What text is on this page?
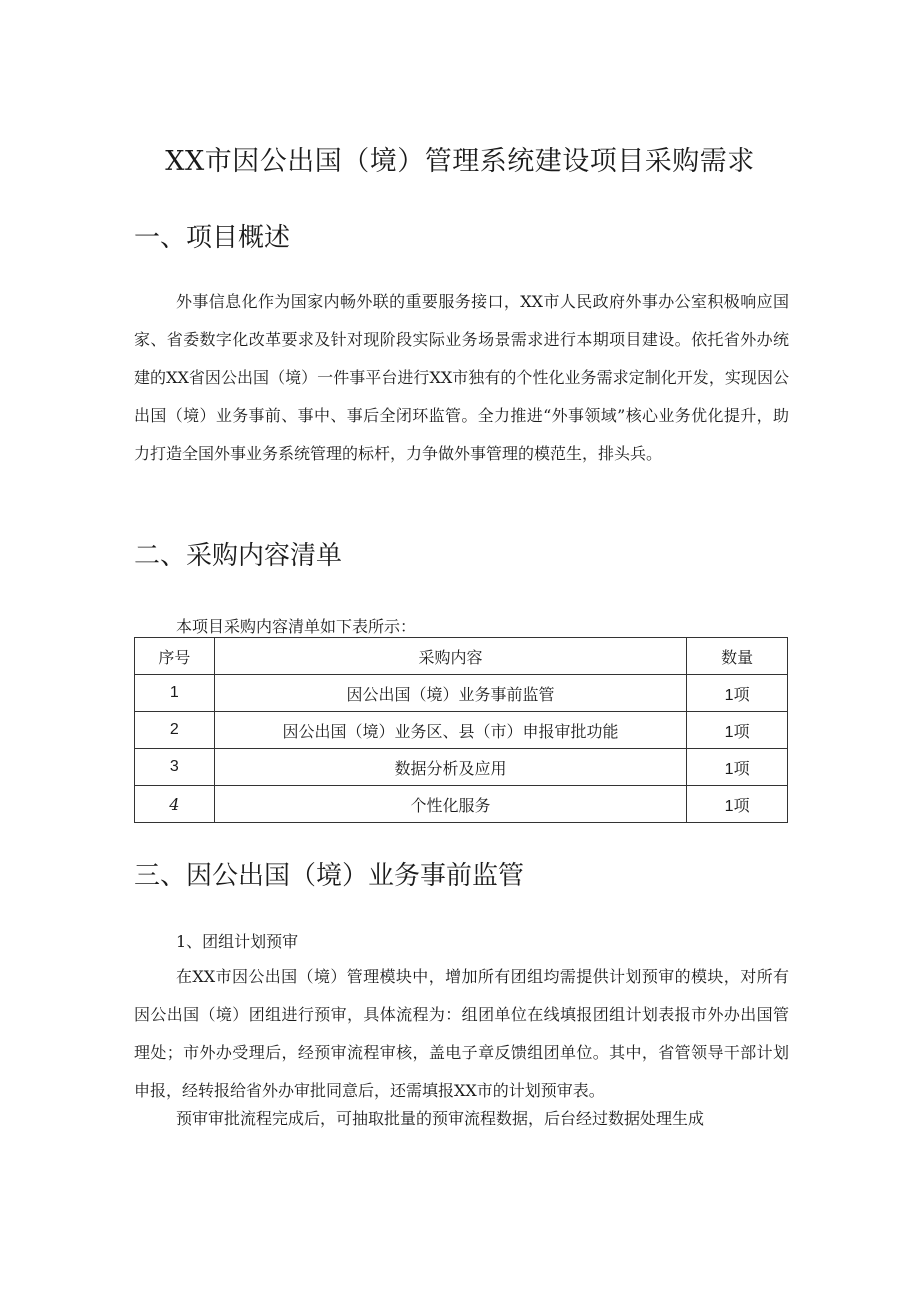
XX市因公出国（境）管理系统建设项目采购需求
一、项目概述

外事信息化作为国家内畅外联的重要服务接口，XX市人民政府外事办公室积极响应国家、省委数字化改革要求及针对现阶段实际业务场景需求进行本期项目建设。依托省外办统建的XX省因公出国（境）一件事平台进行XX市独有的个性化业务需求定制化开发，实现因公出国（境）业务事前、事中、事后全闭环监管。全力推进“外事领域”核心业务优化提升，助力打造全国外事业务系统管理的标杆，力争做外事管理的模范生，排头兵。

二、采购内容清单
本项目采购内容清单如下表所示：
序号	采购内容	数量
1	因公出国（境）业务事前监管	1项
2	因公出国（境）业务区、县（市）申报审批功能	1项
3	数据分析及应用	1项
4	个性化服务	1项
三、因公出国（境）业务事前监管
1、团组计划预审

在XX市因公出国（境）管理模块中，增加所有团组均需提供计划预审的模块，对所有因公出国（境）团组进行预审，具体流程为：组团单位在线填报团组计划表报市外办出国管理处；市外办受理后，经预审流程审核，盖电子章反馈组团单位。其中，省管领导干部计划申报，经转报给省外办审批同意后，还需填报XX市的计划预审表。

预审审批流程完成后，可抽取批量的预审流程数据，后台经过数据处理生成
